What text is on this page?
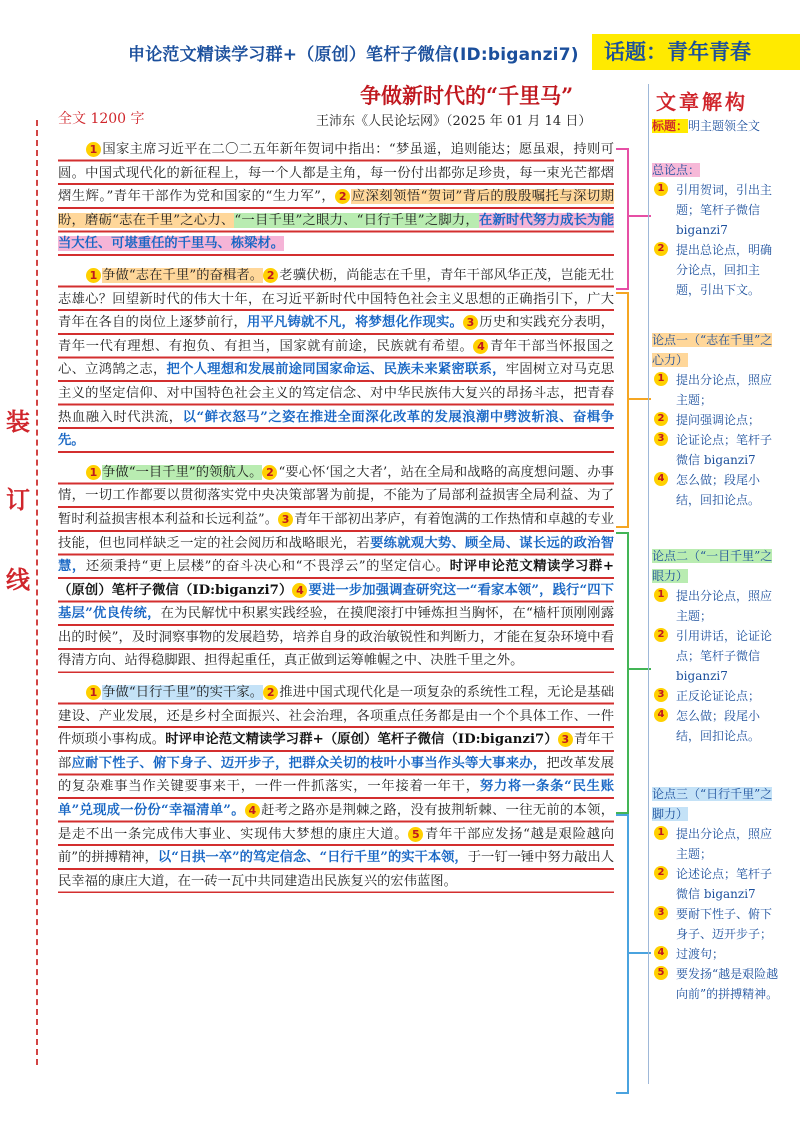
申论范文精读学习群+（原创）笔杆子微信(ID:biganzi7)	话题：青年青春
争做新时代的“千里马”
全文 1200 字	王沛东《人民论坛网》（2025 年 01 月 14 日）
装
订
线

1 国家主席习近平在二〇二五年新年贺词中指出：“梦虽遥，追则能达；愿虽艰，持则可圆。中国式现代化的新征程上，每一个人都是主角，每一份付出都弥足珍贵，每一束光芒都熠熠生辉。”青年干部作为党和国家的“生力军”， 2 应深刻领悟“贺词”背后的殷殷嘱托与深切期盼，磨砺“志在千里”之心力、“一目千里”之眼力、“日行千里”之脚力，在新时代努力成长为能当大任、可堪重任的千里马、栋梁材。

1 争做“志在千里”的奋楫者。 2 老骥伏枥，尚能志在千里，青年干部风华正茂，岂能无壮志雄心？回望新时代的伟大十年，在习近平新时代中国特色社会主义思想的正确指引下，广大青年在各自的岗位上逐梦前行，用平凡铸就不凡，将梦想化作现实。 3 历史和实践充分表明，青年一代有理想、有抱负、有担当，国家就有前途，民族就有希望。 4 青年干部当怀报国之心、立鸿鹄之志，把个人理想和发展前途同国家命运、民族未来紧密联系，牢固树立对马克思主义的坚定信仰、对中国特色社会主义的笃定信念、对中华民族伟大复兴的昂扬斗志，把青春热血融入时代洪流，以“鲜衣怒马”之姿在推进全面深化改革的发展浪潮中劈波斩浪、奋楫争先。

1 争做“一目千里”的领航人。 2 “要心怀‘国之大者’，站在全局和战略的高度想问题、办事情，一切工作都要以贯彻落实党中央决策部署为前提，不能为了局部利益损害全局利益、为了暂时利益损害根本利益和长远利益”。 3 青年干部初出茅庐，有着饱满的工作热情和卓越的专业技能，但也同样缺乏一定的社会阅历和战略眼光，若要练就观大势、顾全局、谋长远的政治智慧，还须秉持“更上层楼”的奋斗决心和“不畏浮云”的坚定信心。时评申论范文精读学习群+（原创）笔杆子微信（ID:biganzi7） 4 要进一步加强调查研究这一“看家本领”，践行“四下基层”优良传统，在为民解忧中积累实践经验，在摸爬滚打中锤炼担当胸怀，在“樯杆顶刚刚露出的时候”，及时洞察事物的发展趋势，培养自身的政治敏锐性和判断力，才能在复杂环境中看得清方向、站得稳脚跟、担得起重任，真正做到运筹帷幄之中、决胜千里之外。

1 争做“日行千里”的实干家。 2 推进中国式现代化是一项复杂的系统性工程，无论是基础建设、产业发展，还是乡村全面振兴、社会治理，各项重点任务都是由一个个具体工作、一件件烦琐小事构成。时评申论范文精读学习群+（原创）笔杆子微信（ID:biganzi7） 3 青年干部应耐下性子、俯下身子、迈开步子，把群众关切的枝叶小事当作头等大事来办，把改革发展的复杂难事当作关键要事来干，一件一件抓落实，一年接着一年干，努力将一条条“民生账单”兑现成一份份“幸福清单”。 4 赶考之路亦是荆棘之路，没有披荆斩棘、一往无前的本领，是走不出一条完成伟大事业、实现伟大梦想的康庄大道。 5 青年干部应发扬“越是艰险越向前”的拼搏精神，以“日拱一卒”的笃定信念、“日行千里”的实干本领，于一钉一锤中努力敲出人民幸福的康庄大道，在一砖一瓦中共同建造出民族复兴的宏伟蓝图。

文章解构
标题：明主题领全文
总论点：
1 引用贺词，引出主题；笔杆子微信 biganzi7
2 提出总论点，明确分论点，回扣主题，引出下文。
论点一（“志在千里”之心力）
1 提出分论点，照应主题；
2 提问强调论点；
3 论证论点；笔杆子微信 biganzi7
4 怎么做；段尾小结，回扣论点。
论点二（“一目千里”之眼力）
1 提出分论点，照应主题；
2 引用讲话，论证论点；笔杆子微信 biganzi7
3 正反论证论点；
4 怎么做；段尾小结，回扣论点。
论点三（“日行千里”之脚力）
1 提出分论点，照应主题；
2 论述论点；笔杆子微信 biganzi7
3 要耐下性子、俯下身子、迈开步子；
4 过渡句；
5 要发扬“越是艰险越向前”的拼搏精神。
